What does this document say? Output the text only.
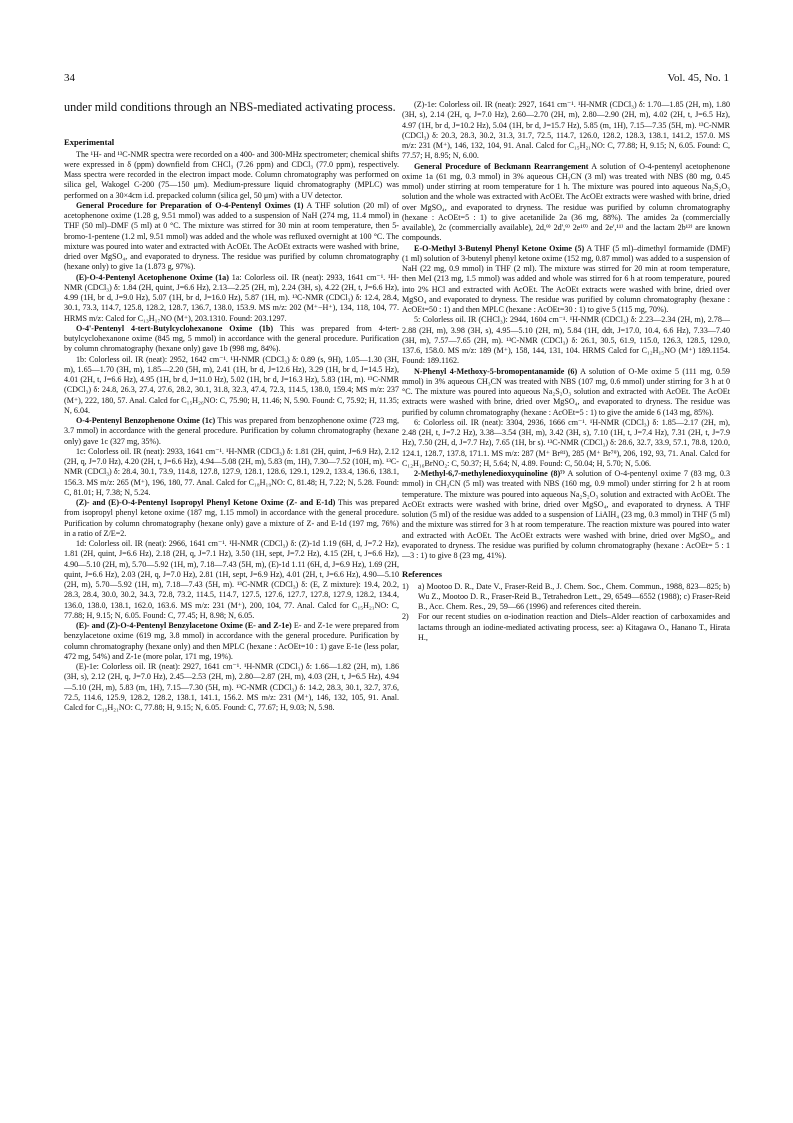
34	Vol. 45, No. 1

under mild conditions through an NBS-mediated activating process.

Experimental

The ¹H- and ¹³C-NMR spectra were recorded on a 400- and 300-MHz spectrometer; chemical shifts were expressed in δ (ppm) downfield from CHCl₃ (7.26 ppm) and CDCl₃ (77.0 ppm), respectively. Mass spectra were recorded in the electron impact mode. Column chromatography was performed on silica gel, Wakogel C-200 (75—150 μm). Medium-pressure liquid chromatography (MPLC) was performed on a 30×4cm i.d. prepacked column (silica gel, 50 μm) with a UV detector.

General Procedure for Preparation of O-4-Pentenyl Oximes (1) A THF solution (20 ml) of acetophenone oxime (1.28 g, 9.51 mmol) was added to a suspension of NaH (274 mg, 11.4 mmol) in THF (50 ml)–DMF (5 ml) at 0 °C. The mixture was stirred for 30 min at room temperature, then 5-bromo-1-pentene (1.2 ml, 9.51 mmol) was added and the whole was refluxed overnight at 100 °C. The mixture was poured into water and extracted with AcOEt. The AcOEt extracts were washed with brine, dried over MgSO₄, and evaporated to dryness. The residue was purified by column chromatography (hexane only) to give 1a (1.873 g, 97%).

(E)-O-4-Pentenyl Acetophenone Oxime (1a) 1a: Colorless oil. IR (neat): 2933, 1641 cm⁻¹. ¹H-NMR (CDCl₃) δ: 1.84 (2H, quint, J=6.6 Hz), 2.13—2.25 (2H, m), 2.24 (3H, s), 4.22 (2H, t, J=6.6 Hz), 4.99 (1H, br d, J=9.0 Hz), 5.07 (1H, br d, J=16.0 Hz), 5.87 (1H, m). ¹³C-NMR (CDCl₃) δ: 12.4, 28.4, 30.1, 73.3, 114.7, 125.8, 128.2, 128.7, 136.7, 138.0, 153.9. MS m/z: 202 (M⁺−H⁺), 134, 118, 104, 77. HRMS m/z: Calcd for C₁₃H₁₇NO (M⁺), 203.1310. Found: 203.1297.

O-4'-Pentenyl 4-tert-Butylcyclohexanone Oxime (1b) This was prepared from 4-tert-butylcyclohexanone oxime (845 mg, 5 mmol) in accordance with the general procedure. Purification by column chromatography (hexane only) gave 1b (998 mg, 84%).

1b: Colorless oil. IR (neat): 2952, 1642 cm⁻¹. ¹H-NMR (CDCl₃) δ: 0.89 (s, 9H), 1.05—1.30 (3H, m), 1.65—1.70 (3H, m), 1.85—2.20 (5H, m), 2.41 (1H, br d, J=12.6 Hz), 3.29 (1H, br d, J=14.5 Hz), 4.01 (2H, t, J=6.6 Hz), 4.95 (1H, br d, J=11.0 Hz), 5.02 (1H, br d, J=16.3 Hz), 5.83 (1H, m). ¹³C-NMR (CDCl₃) δ: 24.8, 26.3, 27.4, 27.6, 28.2, 30.1, 31.8, 32.3, 47.4, 72.3, 114.5, 138.0, 159.4; MS m/z: 237 (M⁺), 222, 180, 57. Anal. Calcd for C₁₅H₂₆NO: C, 75.90; H, 11.46; N, 5.90. Found: C, 75.92; H, 11.35; N, 6.04.

O-4-Pentenyl Benzophenone Oxime (1c) This was prepared from benzophenone oxime (723 mg, 3.7 mmol) in accordance with the general procedure. Purification by column chromatography (hexane only) gave 1c (327 mg, 35%).

1c: Colorless oil. IR (neat): 2933, 1641 cm⁻¹. ¹H-NMR (CDCl₃) δ: 1.81 (2H, quint, J=6.9 Hz), 2.12 (2H, q, J=7.0 Hz), 4.20 (2H, t, J=6.6 Hz), 4.94—5.08 (2H, m), 5.83 (m, 1H), 7.30—7.52 (10H, m). ¹³C-NMR (CDCl₃) δ: 28.4, 30.1, 73.9, 114.8, 127.8, 127.9, 128.1, 128.6, 129.1, 129.2, 133.4, 136.6, 138.1, 156.3. MS m/z: 265 (M⁺), 196, 180, 77. Anal. Calcd for C₁₈H₁₉NO: C, 81.48; H, 7.22; N, 5.28. Found: C, 81.01; H, 7.38; N, 5.24.

(Z)- and (E)-O-4-Pentenyl Isopropyl Phenyl Ketone Oxime (Z- and E-1d) This was prepared from isopropyl phenyl ketone oxime (187 mg, 1.15 mmol) in accordance with the general procedure. Purification by column chromatography (hexane only) gave a mixture of Z- and E-1d (197 mg, 76%) in a ratio of Z/E=2.

1d: Colorless oil. IR (neat): 2966, 1641 cm⁻¹. ¹H-NMR (CDCl₃) δ: (Z)-1d 1.19 (6H, d, J=7.2 Hz), 1.81 (2H, quint, J=6.6 Hz), 2.18 (2H, q, J=7.1 Hz), 3.50 (1H, sept, J=7.2 Hz), 4.15 (2H, t, J=6.6 Hz), 4.90—5.10 (2H, m), 5.70—5.92 (1H, m), 7.18—7.43 (5H, m), (E)-1d 1.11 (6H, d, J=6.9 Hz), 1.69 (2H, quint, J=6.6 Hz), 2.03 (2H, q, J=7.0 Hz), 2.81 (1H, sept, J=6.9 Hz), 4.01 (2H, t, J=6.6 Hz), 4.90—5.10 (2H, m), 5.70—5.92 (1H, m), 7.18—7.43 (5H, m). ¹³C-NMR (CDCl₃) δ: (E, Z mixture): 19.4, 20.2, 28.3, 28.4, 30.0, 30.2, 34.3, 72.8, 73.2, 114.5, 114.7, 127.5, 127.6, 127.7, 127.8, 127.9, 128.2, 134.4, 136.0, 138.0, 138.1, 162.0, 163.6. MS m/z: 231 (M⁺), 200, 104, 77. Anal. Calcd for C₁₅H₂₁NO: C, 77.88; H, 9.15; N, 6.05. Found: C, 77.45; H, 8.98; N, 6.05.

(E)- and (Z)-O-4-Pentenyl Benzylacetone Oxime (E- and Z-1e) E- and Z-1e were prepared from benzylacetone oxime (619 mg, 3.8 mmol) in accordance with the general procedure. Purification by column chromatography (hexane only) and then MPLC (hexane : AcOEt=10 : 1) gave E-1e (less polar, 472 mg, 54%) and Z-1e (more polar, 171 mg, 19%).

(E)-1e: Colorless oil. IR (neat): 2927, 1641 cm⁻¹. ¹H-NMR (CDCl₃) δ: 1.66—1.82 (2H, m), 1.86 (3H, s), 2.12 (2H, q, J=7.0 Hz), 2.45—2.53 (2H, m), 2.80—2.87 (2H, m), 4.03 (2H, t, J=6.5 Hz), 4.94—5.10 (2H, m), 5.83 (m, 1H), 7.15—7.30 (5H, m). ¹³C-NMR (CDCl₃) δ: 14.2, 28.3, 30.1, 32.7, 37.6, 72.5, 114.6, 125.9, 128.2, 128.2, 138.1, 141.1, 156.2. MS m/z: 231 (M⁺), 146, 132, 105, 91. Anal. Calcd for C₁₅H₂₁NO: C, 77.88; H, 9.15; N, 6.05. Found: C, 77.67; H, 9.03; N, 5.98.

(Z)-1e: Colorless oil. IR (neat): 2927, 1641 cm⁻¹. ¹H-NMR (CDCl₃) δ: 1.70—1.85 (2H, m), 1.80 (3H, s), 2.14 (2H, q, J=7.0 Hz), 2.60—2.70 (2H, m), 2.80—2.90 (2H, m), 4.02 (2H, t, J=6.5 Hz), 4.97 (1H, br d, J=10.2 Hz), 5.04 (1H, br d, J=15.7 Hz), 5.85 (m, 1H), 7.15—7.35 (5H, m). ¹³C-NMR (CDCl₃) δ: 20.3, 28.3, 30.2, 31.3, 31.7, 72.5, 114.7, 126.0, 128.2, 128.3, 138.1, 141.2, 157.0. MS m/z: 231 (M⁺), 146, 132, 104, 91. Anal. Calcd for C₁₅H₂₁NO: C, 77.88; H, 9.15; N, 6.05. Found: C, 77.57; H, 8.95; N, 6.00.

General Procedure of Beckmann Rearrangement A solution of O-4-pentenyl acetophenone oxime 1a (61 mg, 0.3 mmol) in 3% aqueous CH₃CN (3 ml) was treated with NBS (80 mg, 0.45 mmol) under stirring at room temperature for 1 h. The mixture was poured into aqueous Na₂S₂O₃ solution and the whole was extracted with AcOEt. The AcOEt extracts were washed with brine, dried over MgSO₄, and evaporated to dryness. The residue was purified by column chromatography (hexane : AcOEt=5 : 1) to give acetanilide 2a (36 mg, 88%). The amides 2a (commercially available), 2c (commercially available), 2d,⁹⁾ 2d',⁹⁾ 2e¹⁰⁾ and 2e',¹¹⁾ and the lactam 2b¹²⁾ are known compounds.

E-O-Methyl 3-Butenyl Phenyl Ketone Oxime (5) A THF (5 ml)–dimethyl formamide (DMF) (1 ml) solution of 3-butenyl phenyl ketone oxime (152 mg, 0.87 mmol) was added to a suspension of NaH (22 mg, 0.9 mmol) in THF (2 ml). The mixture was stirred for 20 min at room temperature, then MeI (213 mg, 1.5 mmol) was added and whole was stirred for 6 h at room temperature, poured into 2% HCl and extracted with AcOEt. The AcOEt extracts were washed with brine, dried over MgSO₄ and evaporated to dryness. The residue was purified by column chromatography (hexane : AcOEt=50 : 1) and then MPLC (hexane : AcOEt=30 : 1) to give 5 (115 mg, 70%).

5: Colorless oil. IR (CHCl₃): 2944, 1604 cm⁻¹. ¹H-NMR (CDCl₃) δ: 2.23—2.34 (2H, m), 2.78—2.88 (2H, m), 3.98 (3H, s), 4.95—5.10 (2H, m), 5.84 (1H, ddt, J=17.0, 10.4, 6.6 Hz), 7.33—7.40 (3H, m), 7.57—7.65 (2H, m). ¹³C-NMR (CDCl₃) δ: 26.1, 30.5, 61.9, 115.0, 126.3, 128.5, 129.0, 137.6, 158.0. MS m/z: 189 (M⁺), 158, 144, 131, 104. HRMS Calcd for C₁₂H₁₅NO (M⁺) 189.1154. Found: 189.1162.

N-Phenyl 4-Methoxy-5-bromopentanamide (6) A solution of O-Me oxime 5 (111 mg, 0.59 mmol) in 3% aqueous CH₃CN was treated with NBS (107 mg, 0.6 mmol) under stirring for 3 h at 0 °C. The mixture was poured into aqueous Na₂S₂O₃ solution and extracted with AcOEt. The AcOEt extracts were washed with brine, dried over MgSO₄, and evaporated to dryness. The residue was purified by column chromatography (hexane : AcOEt=5 : 1) to give the amide 6 (143 mg, 85%).

6: Colorless oil. IR (neat): 3304, 2936, 1666 cm⁻¹. ¹H-NMR (CDCl₃) δ: 1.85—2.17 (2H, m), 2.48 (2H, t, J=7.2 Hz), 3.38—3.54 (3H, m), 3.42 (3H, s), 7.10 (1H, t, J=7.4 Hz), 7.31 (2H, t, J=7.9 Hz), 7.50 (2H, d, J=7.7 Hz), 7.65 (1H, br s). ¹³C-NMR (CDCl₃) δ: 28.6, 32.7, 33.9, 57.1, 78.8, 120.0, 124.1, 128.7, 137.8, 171.1. MS m/z: 287 (M⁺ Br⁸¹), 285 (M⁺ Br⁷⁹), 206, 192, 93, 71. Anal. Calcd for C₁₂H₁₆BrNO₂: C, 50.37; H, 5.64; N, 4.89. Found: C, 50.04; H, 5.70; N, 5.06.

2-Methyl-6,7-methylenedioxyquinoline (8)⁷⁾ A solution of O-4-pentenyl oxime 7 (83 mg, 0.3 mmol) in CH₃CN (5 ml) was treated with NBS (160 mg, 0.9 mmol) under stirring for 2 h at room temperature. The mixture was poured into aqueous Na₂S₂O₃ solution and extracted with AcOEt. The AcOEt extracts were washed with brine, dried over MgSO₄, and evaporated to dryness. A THF solution (5 ml) of the residue was added to a suspension of LiAlH₄ (23 mg, 0.3 mmol) in THF (5 ml) and the mixture was stirred for 3 h at room temperature. The reaction mixture was poured into water and extracted with AcOEt. The AcOEt extracts were washed with brine, dried over MgSO₄, and evaporated to dryness. The residue was purified by column chromatography (hexane : AcOEt= 5 : 1—3 : 1) to give 8 (23 mg, 41%).

References
1)	a) Mootoo D. R., Date V., Fraser-Reid B., J. Chem. Soc., Chem. Commun., 1988, 823—825; b) Wu Z., Mootoo D. R., Fraser-Reid B., Tetrahedron Lett., 29, 6549—6552 (1988); c) Fraser-Reid B., Acc. Chem. Res., 29, 59—66 (1996) and references cited therein.
2)	For our recent studies on α-iodination reaction and Diels–Alder reaction of carboxamides and lactams through an iodine-mediated activating process, see: a) Kitagawa O., Hanano T., Hirata H.,
